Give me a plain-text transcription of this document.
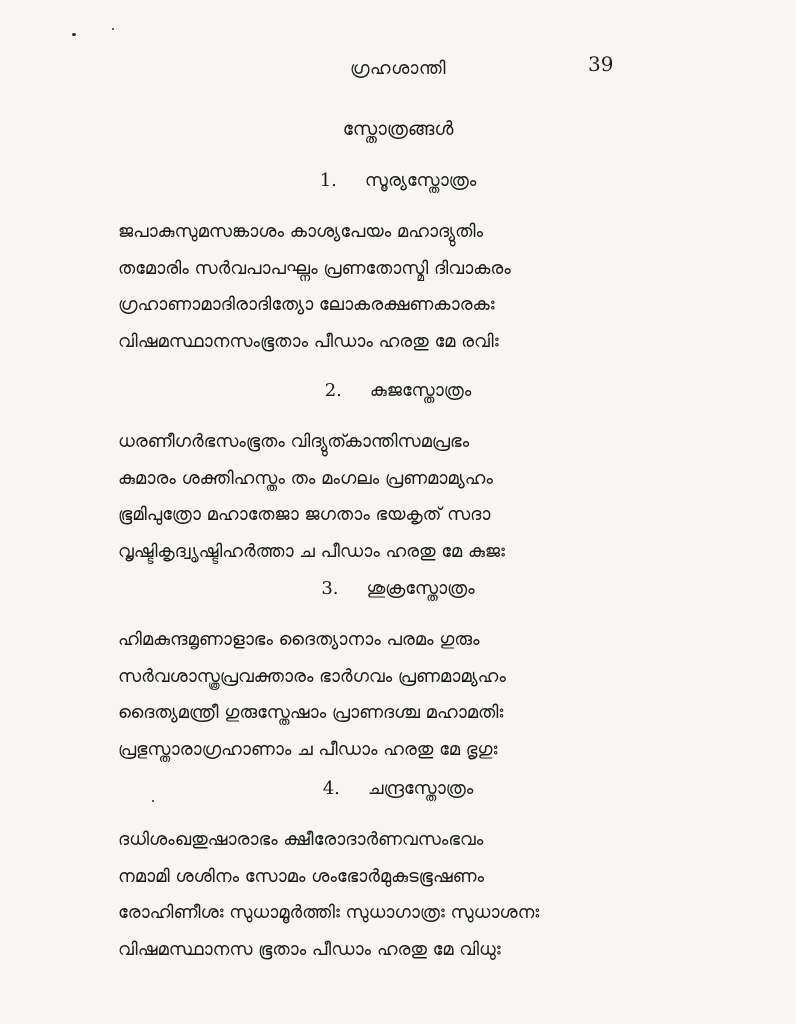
ഗ്രഹശാന്തി	39
സ്തോത്രങ്ങൾ
1. സൂര്യസ്തോത്രം
ജപാകുസുമസങ്കാശം കാശ്യപേയം മഹാദ്യുതിം
തമോരിം സർവപാപഘ്നം പ്രണതോസ്മി ദിവാകരം
ഗ്രഹാണാമാദിരാദിത്യോ ലോകരക്ഷണകാരകഃ
വിഷമസ്ഥാനസംഭൂതാം പീഡാം ഹരതു മേ രവിഃ
2. കുജസ്തോത്രം
ധരണീഗർഭസംഭൂതം വിദ്യുത്കാന്തിസമപ്രഭം
കുമാരം ശക്തിഹസ്തം തം മംഗലം പ്രണമാമ്യഹം
ഭൂമിപുത്രോ മഹാതേജാ ജഗതാം ഭയകൃത് സദാ
വൃഷ്ടികൃദ്വൃഷ്ടിഹർത്താ ച പീഡാം ഹരതു മേ കുജഃ
3. ശുക്രസ്തോത്രം
ഹിമകുന്ദമൃണാളാഭം ദൈത്യാനാം പരമം ഗുരും
സർവശാസ്ത്രപ്രവക്താരം ഭാർഗവം പ്രണമാമ്യഹം
ദൈത്യമന്ത്രീ ഗുരുസ്തേഷാം പ്രാണദശ്ച മഹാമതിഃ
പ്രഭുസ്താരാഗ്രഹാണാം ച പീഡാം ഹരതു മേ ഭൃഗുഃ
4. ചന്ദ്രസ്തോത്രം
ദധിശംഖതുഷാരാഭം ക്ഷീരോദാർണവസംഭവം
നമാമി ശശിനം സോമം ശംഭോർമുകുടഭൂഷണം
രോഹിണീശഃ സുധാമൂർത്തിഃ സുധാഗാത്രഃ സുധാശനഃ
വിഷമസ്ഥാനസ ഭൂതാം പീഡാം ഹരതു മേ വിധുഃ
